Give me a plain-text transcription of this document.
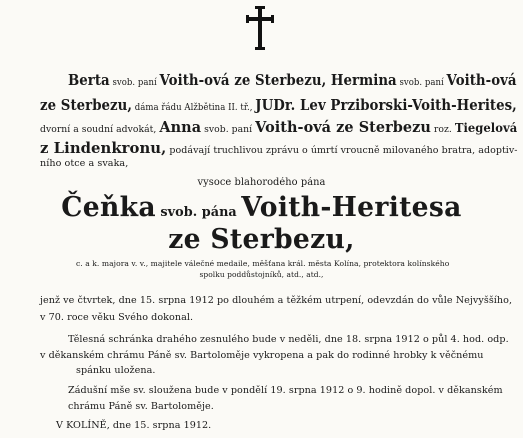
Berta svob. paní Voith-ová ze Sterbezu, Hermina svob. paní Voith-ová
ze Sterbezu, dáma řádu Alžbětina II. tř., JUDr. Lev Prziborski-Voith-Herites,
dvorní a soudní advokát, Anna svob. paní Voith-ová ze Sterbezu roz. Tiegelová
z Lindenkronu, podávají truchlivou zprávu o úmrtí vroucně milovaného bratra, adoptiv-
ního otce a svaka,
vysoce blahorodého pána
Čeňka svob. pána Voith-Heritesa
ze Sterbezu,
c. a k. majora v. v., majitele válečné medaile, měšťana král. města Kolína, protektora kolínského
spolku poddůstojníků, atd., atd.,
jenž ve čtvrtek, dne 15. srpna 1912 po dlouhém a těžkém utrpení, odevzdán do vůle Nejvyššího,
v 70. roce věku Svého dokonal.
Tělesná schránka drahého zesnulého bude v neděli, dne 18. srpna 1912 o půl 4. hod. odp.
v děkanském chrámu Páně sv. Bartoloměje vykropena a pak do rodinné hrobky k věčnému
spánku uložena.
Zádušní mše sv. sloužena bude v pondělí 19. srpna 1912 o 9. hodině dopol. v děkanském
chrámu Páně sv. Bartoloměje.
V KOLÍNĚ, dne 15. srpna 1912.
